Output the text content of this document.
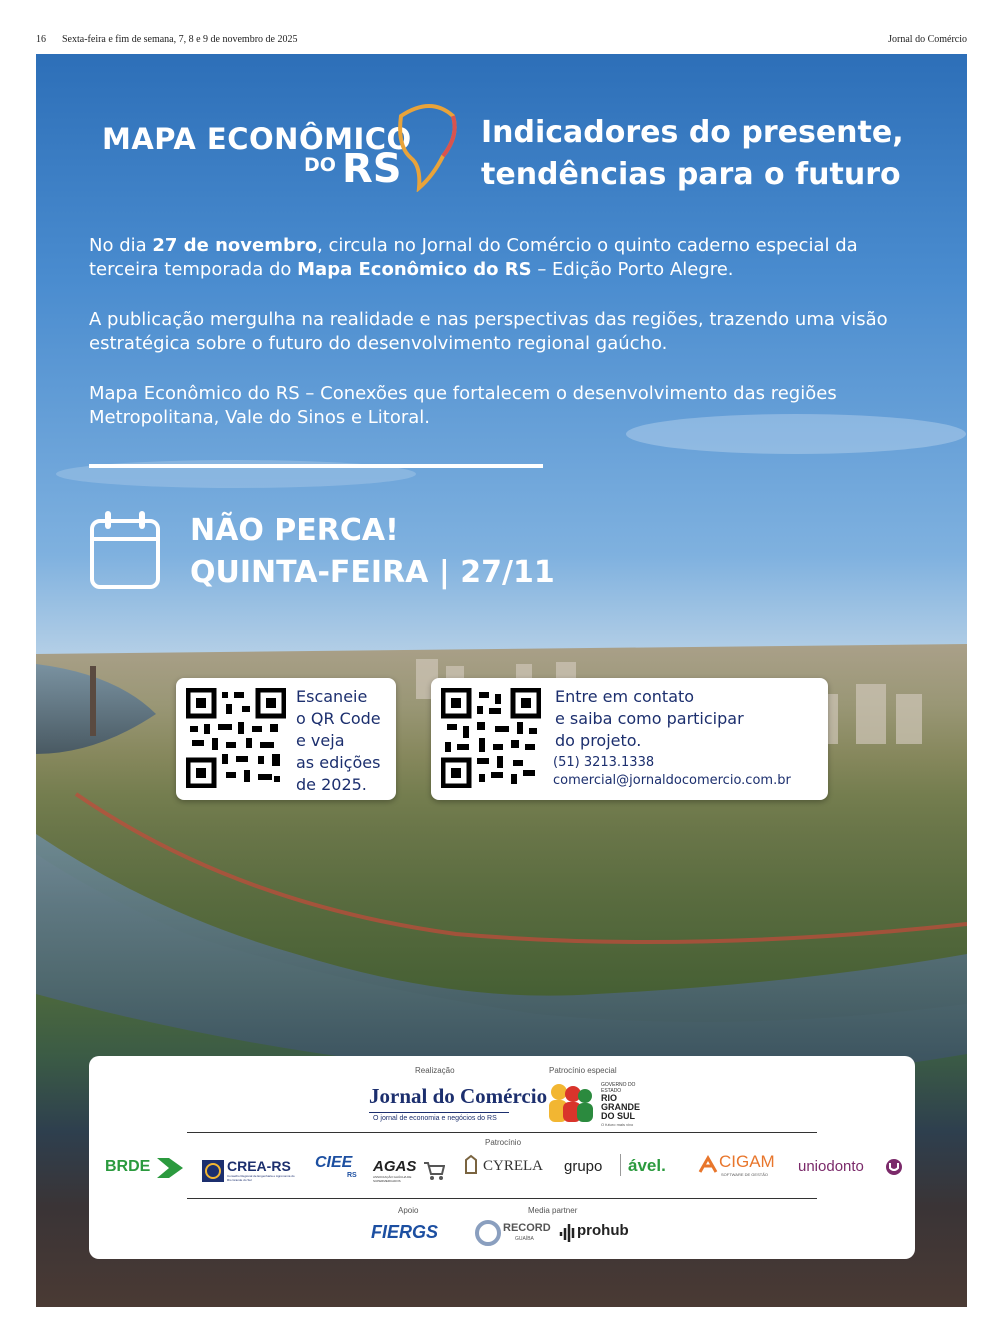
16 Sexta-feira e fim de semana, 7, 8 e 9 de novembro de 2025	Jornal do Comércio
MAPA ECONÔMICO
DO RS
Indicadores do presente,
tendências para o futuro
No dia 27 de novembro, circula no Jornal do Comércio o quinto caderno especial da terceira temporada do Mapa Econômico do RS – Edição Porto Alegre.
A publicação mergulha na realidade e nas perspectivas das regiões, trazendo uma visão estratégica sobre o futuro do desenvolvimento regional gaúcho.
Mapa Econômico do RS – Conexões que fortalecem o desenvolvimento das regiões Metropolitana, Vale do Sinos e Litoral.
NÃO PERCA!
QUINTA-FEIRA | 27/11
Escaneie
o QR Code
e veja
as edições
de 2025.
Entre em contato
e saiba como participar
do projeto.
(51) 3213.1338
comercial@jornaldocomercio.com.br
Realização	Patrocínio especial
Jornal do Comércio
O jornal de economia e negócios do RS
GOVERNO DO ESTADO
RIO
GRANDE
DO SUL
O futuro mais vivo
Patrocínio
BRDE	CREA-RS
Conselho Regional de Engenharia e Agronomia do Rio Grande do Sul
CIEE
RS
AGAS
ASSOCIAÇÃO GAÚCHA DE SUPERMERCADOS
CYRELA grupo ável.	CIGAM
SOFTWARE DE GESTÃO uniodonto
Apoio	Media partner
FIERGS	RECORD
GUAÍBA	prohub
